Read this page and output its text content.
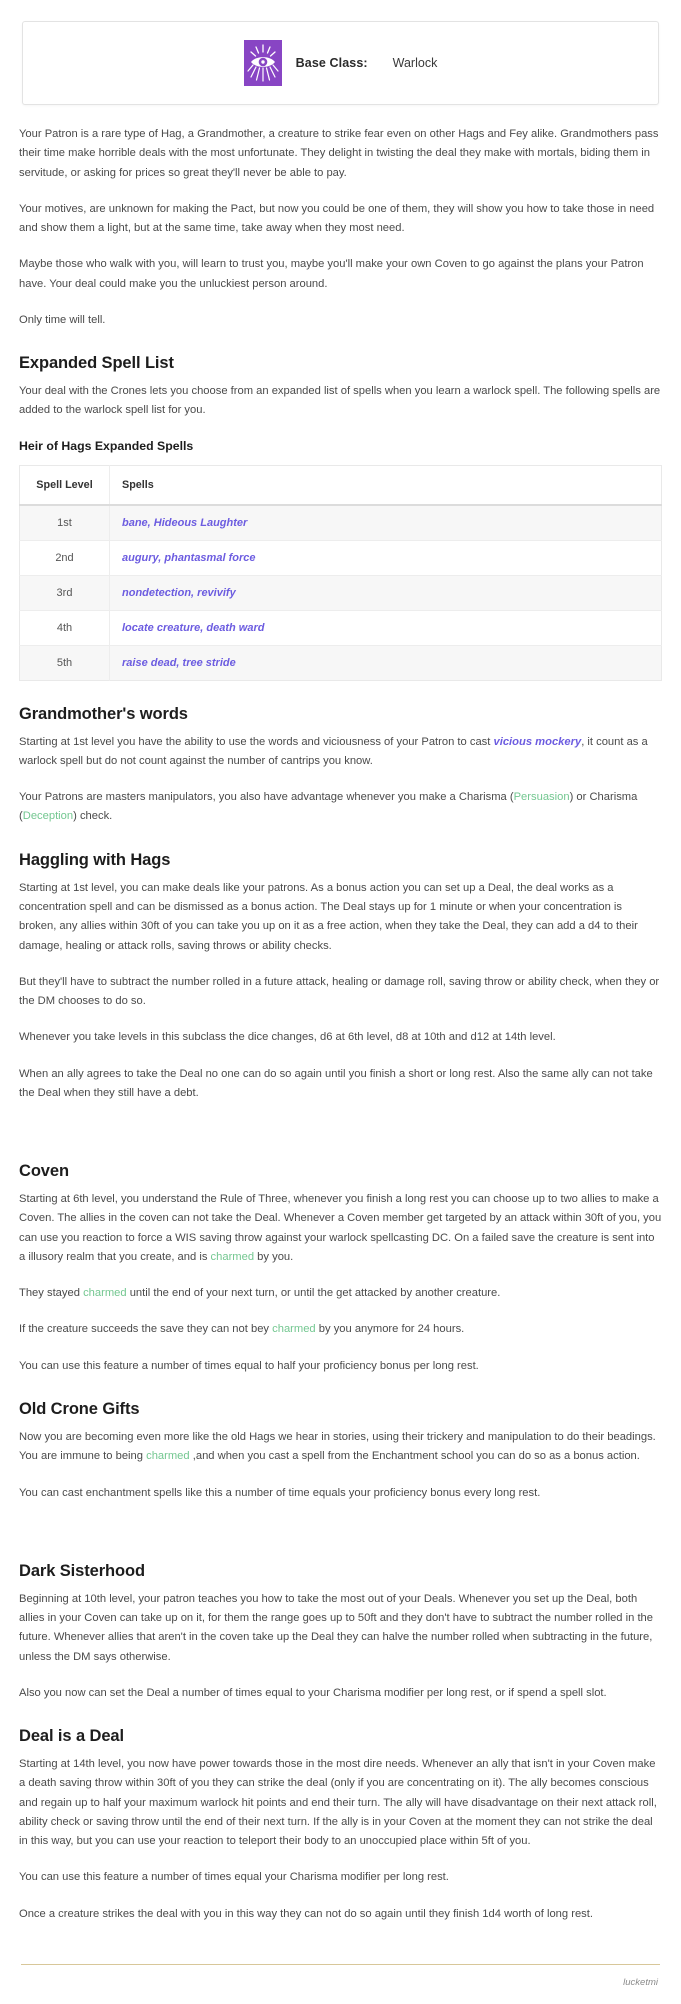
Base Class: Warlock

Your Patron is a rare type of Hag, a Grandmother, a creature to strike fear even on other Hags and Fey alike. Grandmothers pass their time make horrible deals with the most unfortunate. They delight in twisting the deal they make with mortals, biding them in servitude, or asking for prices so great they'll never be able to pay.

Your motives, are unknown for making the Pact, but now you could be one of them, they will show you how to take those in need and show them a light, but at the same time, take away when they most need.

Maybe those who walk with you, will learn to trust you, maybe you'll make your own Coven to go against the plans your Patron have. Your deal could make you the unluckiest person around.

Only time will tell.

Expanded Spell List

Your deal with the Crones lets you choose from an expanded list of spells when you learn a warlock spell. The following spells are added to the warlock spell list for you.

Heir of Hags Expanded Spells
Spell Level	Spells
1st	bane, Hideous Laughter
2nd	augury, phantasmal force
3rd	nondetection, revivify
4th	locate creature, death ward
5th	raise dead, tree stride
Grandmother's words

Starting at 1st level you have the ability to use the words and viciousness of your Patron to cast vicious mockery, it count as a warlock spell but do not count against the number of cantrips you know.

Your Patrons are masters manipulators, you also have advantage whenever you make a Charisma (Persuasion) or Charisma (Deception) check.

Haggling with Hags

Starting at 1st level, you can make deals like your patrons. As a bonus action you can set up a Deal, the deal works as a concentration spell and can be dismissed as a bonus action. The Deal stays up for 1 minute or when your concentration is broken, any allies within 30ft of you can take you up on it as a free action, when they take the Deal, they can add a d4 to their damage, healing or attack rolls, saving throws or ability checks.

But they'll have to subtract the number rolled in a future attack, healing or damage roll, saving throw or ability check, when they or the DM chooses to do so.

Whenever you take levels in this subclass the dice changes, d6 at 6th level, d8 at 10th and d12 at 14th level.

When an ally agrees to take the Deal no one can do so again until you finish a short or long rest. Also the same ally can not take the Deal when they still have a debt.

Coven

Starting at 6th level, you understand the Rule of Three, whenever you finish a long rest you can choose up to two allies to make a Coven. The allies in the coven can not take the Deal. Whenever a Coven member get targeted by an attack within 30ft of you, you can use you reaction to force a WIS saving throw against your warlock spellcasting DC. On a failed save the creature is sent into a illusory realm that you create, and is charmed by you.

They stayed charmed until the end of your next turn, or until the get attacked by another creature.

If the creature succeeds the save they can not bey charmed by you anymore for 24 hours.

You can use this feature a number of times equal to half your proficiency bonus per long rest.

Old Crone Gifts

Now you are becoming even more like the old Hags we hear in stories, using their trickery and manipulation to do their beadings. You are immune to being charmed ,and when you cast a spell from the Enchantment school you can do so as a bonus action.

You can cast enchantment spells like this a number of time equals your proficiency bonus every long rest.

Dark Sisterhood

Beginning at 10th level, your patron teaches you how to take the most out of your Deals. Whenever you set up the Deal, both allies in your Coven can take up on it, for them the range goes up to 50ft and they don't have to subtract the number rolled in the future. Whenever allies that aren't in the coven take up the Deal they can halve the number rolled when subtracting in the future, unless the DM says otherwise.

Also you now can set the Deal a number of times equal to your Charisma modifier per long rest, or if spend a spell slot.

Deal is a Deal

Starting at 14th level, you now have power towards those in the most dire needs. Whenever an ally that isn't in your Coven make a death saving throw within 30ft of you they can strike the deal (only if you are concentrating on it). The ally becomes conscious and regain up to half your maximum warlock hit points and end their turn. The ally will have disadvantage on their next attack roll, ability check or saving throw until the end of their next turn. If the ally is in your Coven at the moment they can not strike the deal in this way, but you can use your reaction to teleport their body to an unoccupied place within 5ft of you.

You can use this feature a number of times equal your Charisma modifier per long rest.

Once a creature strikes the deal with you in this way they can not do so again until they finish 1d4 worth of long rest.

lucketmi
